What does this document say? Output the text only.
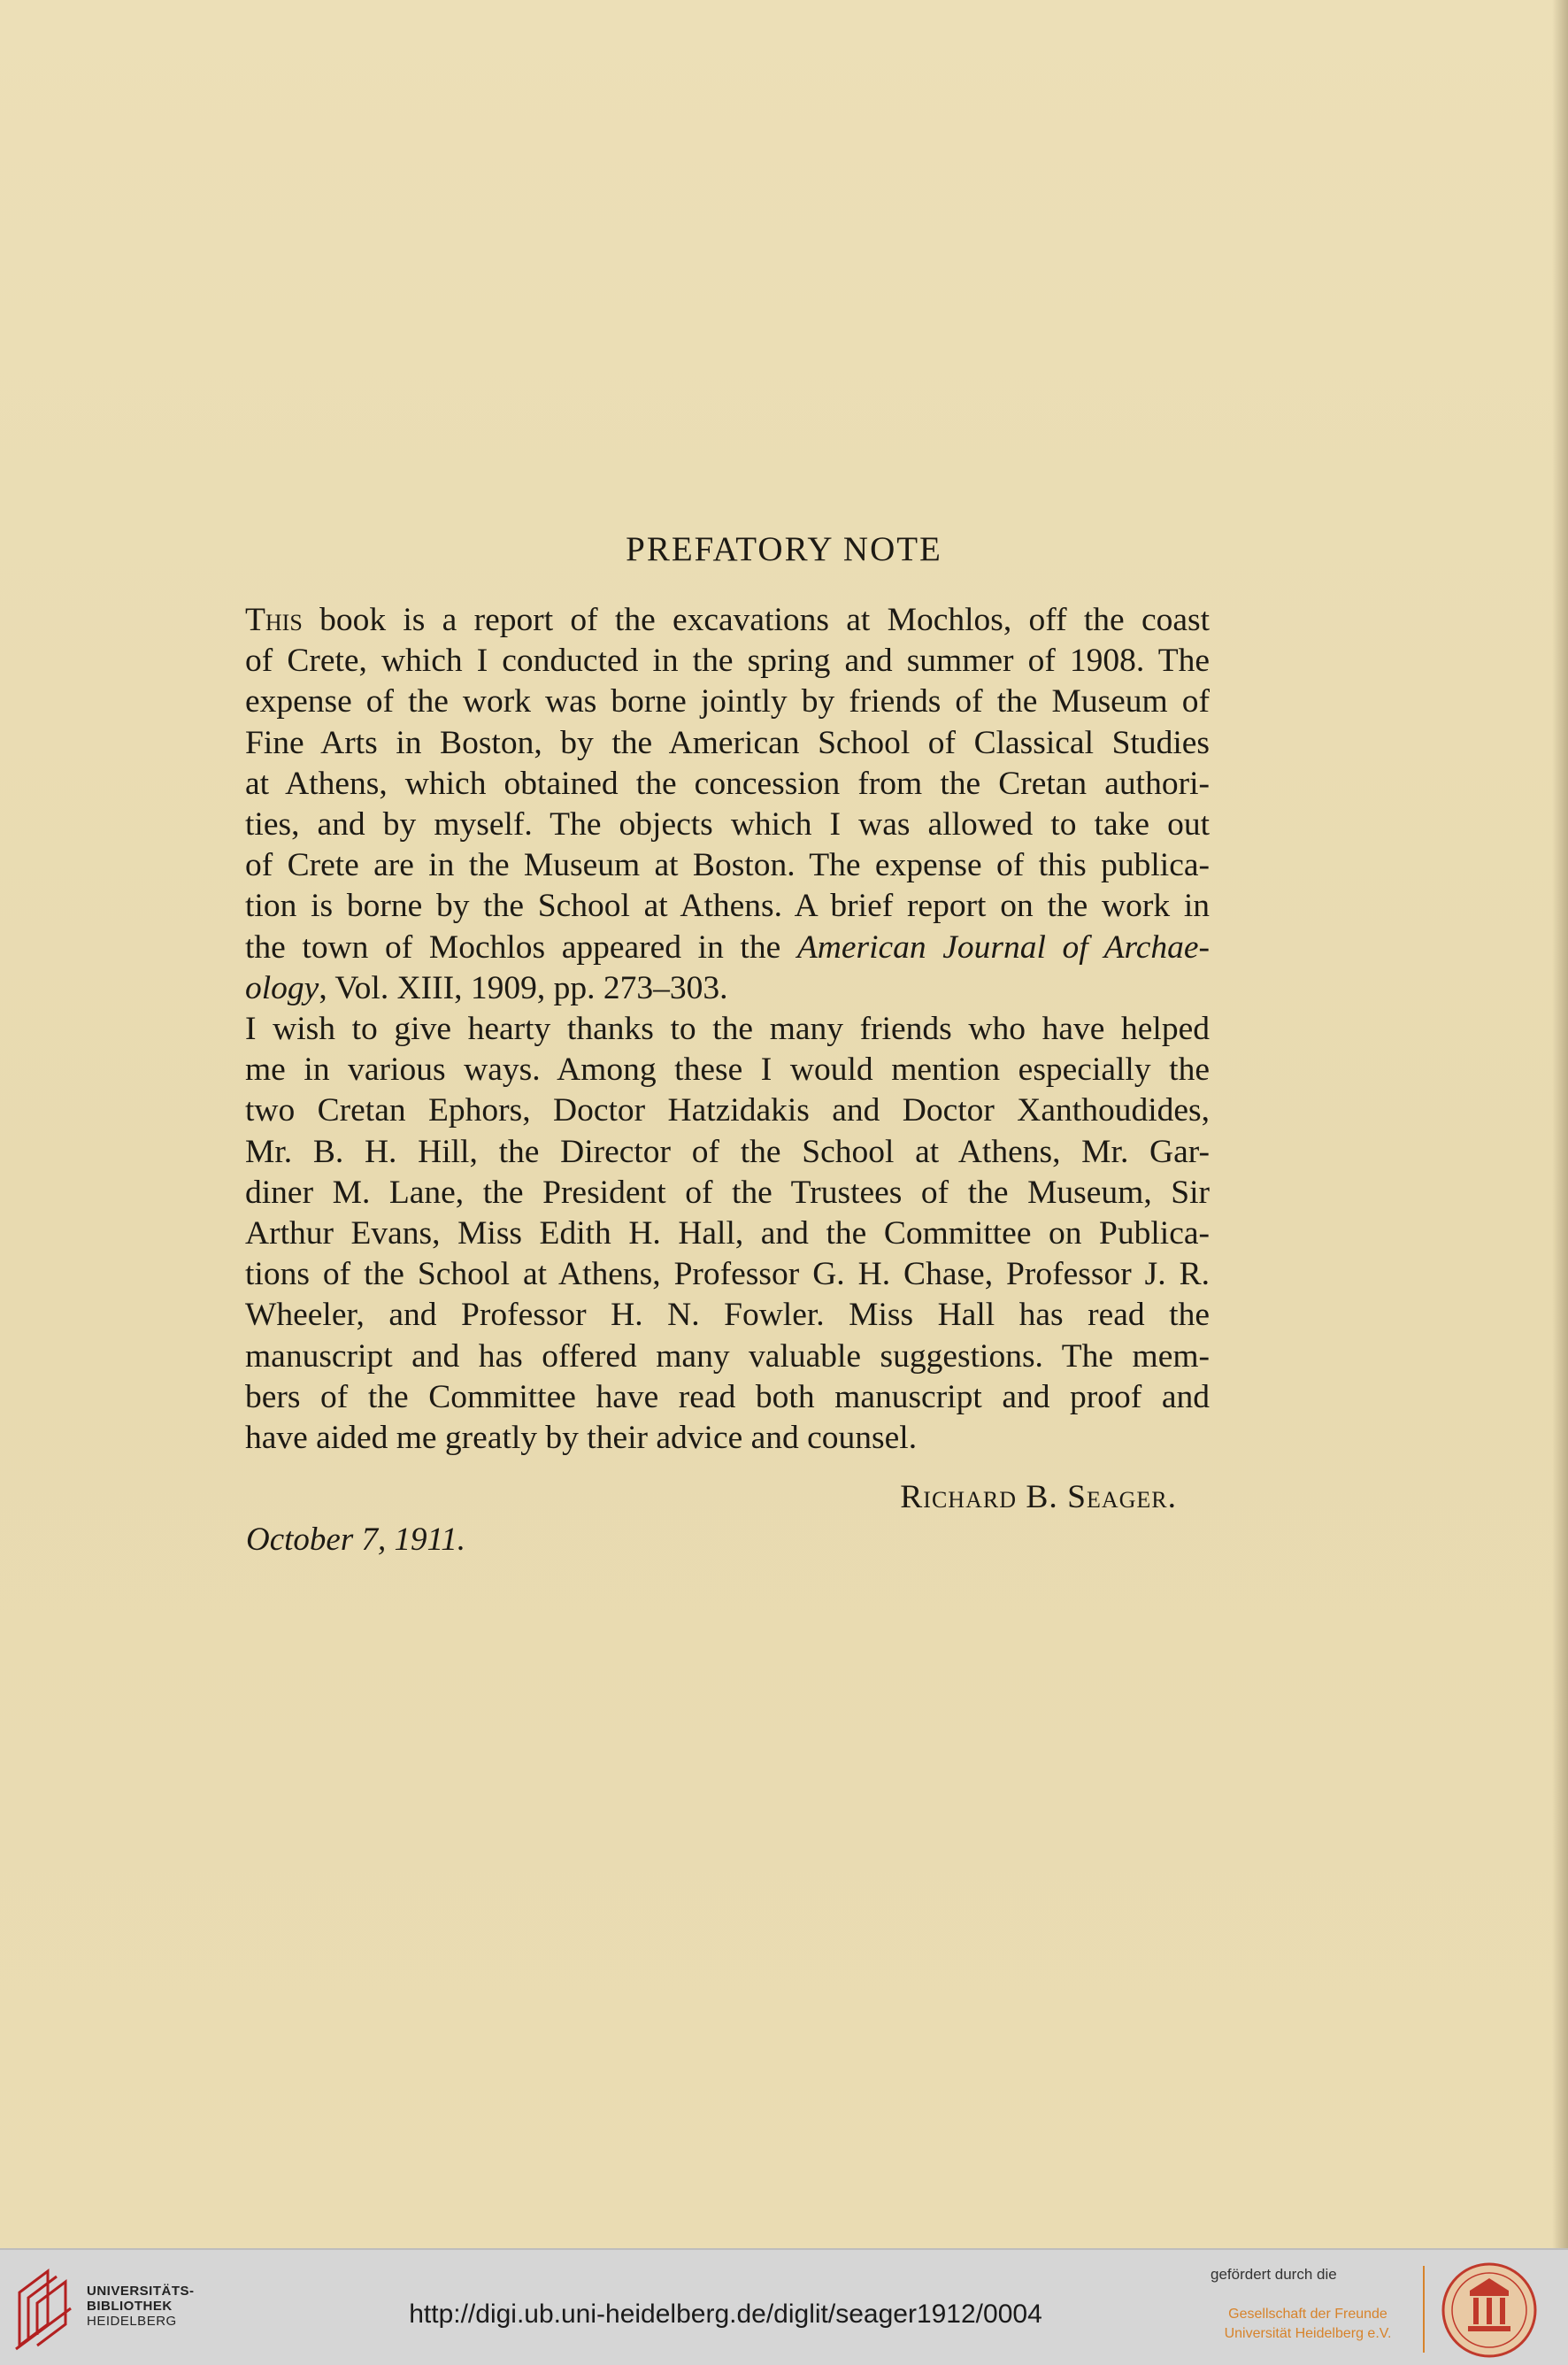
PREFATORY NOTE

This book is a report of the excavations at Mochlos, off the coast
of Crete, which I conducted in the spring and summer of 1908. The
expense of the work was borne jointly by friends of the Museum of
Fine Arts in Boston, by the American School of Classical Studies
at Athens, which obtained the concession from the Cretan authori-
ties, and by myself. The objects which I was allowed to take out
of Crete are in the Museum at Boston. The expense of this publica-
tion is borne by the School at Athens. A brief report on the work in
the town of Mochlos appeared in the American Journal of Archae-
ology, Vol. XIII, 1909, pp. 273–303.

I wish to give hearty thanks to the many friends who have helped
me in various ways. Among these I would mention especially the
two Cretan Ephors, Doctor Hatzidakis and Doctor Xanthoudides,
Mr. B. H. Hill, the Director of the School at Athens, Mr. Gar-
diner M. Lane, the President of the Trustees of the Museum, Sir
Arthur Evans, Miss Edith H. Hall, and the Committee on Publica-
tions of the School at Athens, Professor G. H. Chase, Professor J. R.
Wheeler, and Professor H. N. Fowler. Miss Hall has read the
manuscript and has offered many valuable suggestions. The mem-
bers of the Committee have read both manuscript and proof and
have aided me greatly by their advice and counsel.

Richard B. Seager.
October 7, 1911.
UNIVERSITÄTS-
BIBLIOTHEK
HEIDELBERG	http://digi.ub.uni-heidelberg.de/diglit/seager1912/0004
gefördert durch die
Gesellschaft der Freunde
Universität Heidelberg e.V.
